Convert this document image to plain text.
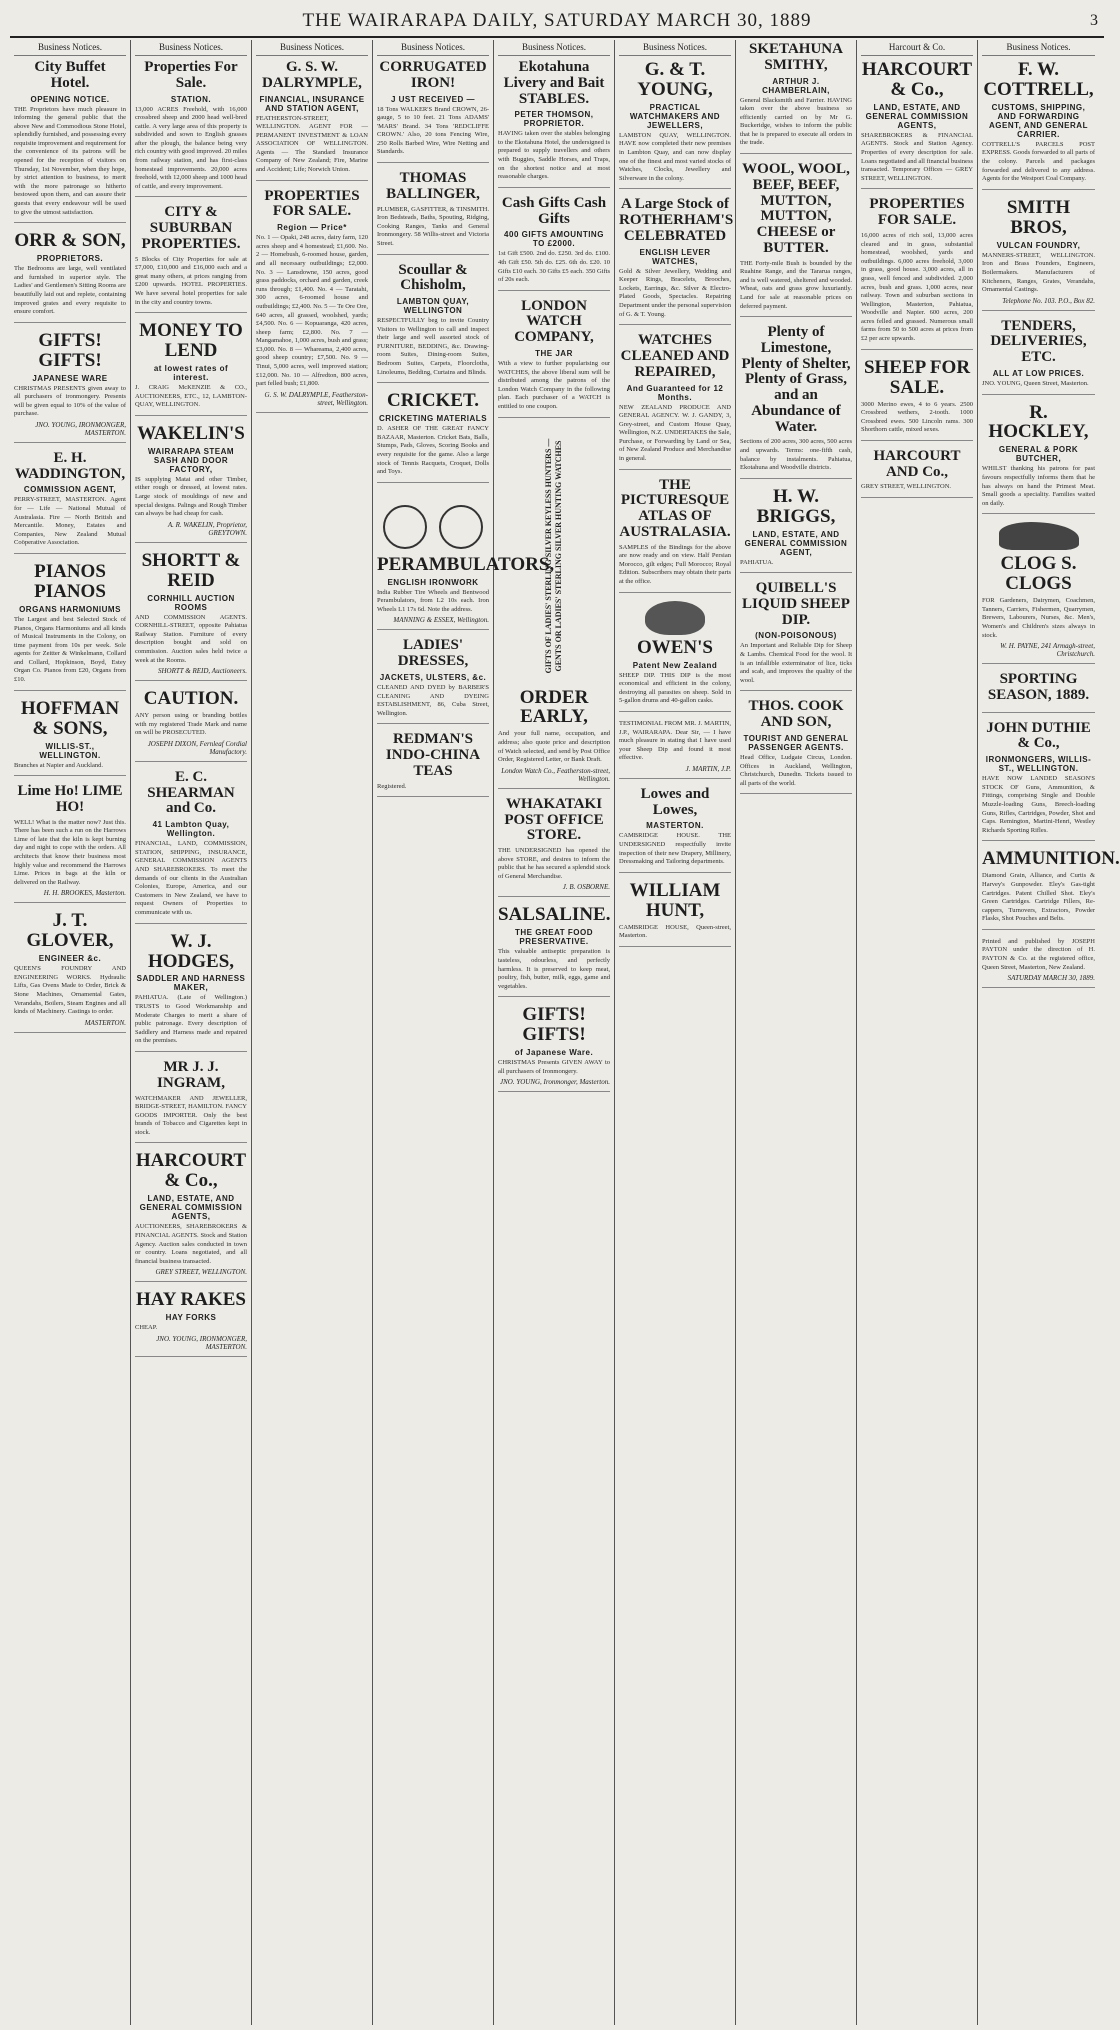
THE WAIRARAPA DAILY, SATURDAY MARCH 30, 1889	3
Business Notices.
City Buffet Hotel.
OPENING NOTICE.
THE Proprietors have much pleasure in informing the general public that the above New and Commodious Stone Hotel, splendidly furnished, and possessing every requisite improvement and requirement for the convenience of its patrons will be opened for the reception of visitors on Thursday, 1st November, when they hope, by strict attention to business, to merit with the more patronage so hitherto bestowed upon them, and can assure their guests that every endeavour will be used to give the utmost satisfaction.
ORR & SON,
PROPRIETORS.
The Bedrooms are large, well ventilated and furnished in superior style. The Ladies' and Gentlemen's Sitting Rooms are beautifully laid out and replete, containing improved grates and every requisite to ensure comfort.
GIFTS! GIFTS!
JAPANESE WARE
CHRISTMAS PRESENTS given away to all purchasers of ironmongery. Presents will be given equal to 10% of the value of purchase.
JNO. YOUNG, IRONMONGER, MASTERTON.
E. H. WADDINGTON,
COMMISSION AGENT,
PERRY-STREET, MASTERTON. Agent for — Life — National Mutual of Australasia. Fire — North British and Mercantile. Money, Estates and Companies, New Zealand Mutual Coöperative Association.
PIANOS PIANOS
ORGANS HARMONIUMS
The Largest and best Selected Stock of Pianos, Organs Harmoniums and all kinds of Musical Instruments in the Colony, on time payment from 10s per week. Sole agents for Zeitter & Winkelmann, Collard and Collard, Hopkinson, Boyd, Estey Organ Co. Pianos from £20, Organs from £10.
HOFFMAN & SONS,
WILLIS-ST., WELLINGTON.
Branches at Napier and Auckland.
Lime Ho! LIME HO!
WELL! What is the matter now? Just this. There has been such a run on the Harrows Lime of late that the kiln is kept burning day and night to cope with the orders. All architects that know their business most highly value and recommend the Harrows Lime. Prices in bags at the kiln or delivered on the Railway.
H. H. BROOKES, Masterton.
J. T. GLOVER,
ENGINEER &c.
QUEEN'S FOUNDRY AND ENGINEERING WORKS. Hydraulic Lifts, Gas Ovens Made to Order, Brick & Stone Machines, Ornamental Gates, Verandahs, Boilers, Steam Engines and all kinds of Machinery. Castings to order.
MASTERTON.
Business Notices.
Properties For Sale.
STATION.
13,000 ACRES Freehold, with 16,000 crossbred sheep and 2000 head well-bred cattle. A very large area of this property is subdivided and sown to English grasses after the plough, the balance being very rich country with good improved. 20 miles from railway station, and has first-class homestead improvements. 20,000 acres freehold, with 12,000 sheep and 1000 head of cattle, and every improvement.
CITY & SUBURBAN PROPERTIES.
5 Blocks of City Properties for sale at £7,000, £10,000 and £16,000 each and a great many others, at prices ranging from £200 upwards. HOTEL PROPERTIES. We have several hotel properties for sale in the city and country towns.
MONEY TO LEND
at lowest rates of interest.
J. CRAIG McKENZIE & CO., AUCTIONEERS, ETC., 12, LAMBTON-QUAY, WELLINGTON.
WAKELIN'S
WAIRARAPA STEAM SASH AND DOOR FACTORY,
IS supplying Matai and other Timber, either rough or dressed, at lowest rates. Large stock of mouldings of new and special designs. Palings and Rough Timber can always be had cheap for cash.
A. R. WAKELIN, Proprietor, GREYTOWN.
SHORTT & REID
CORNHILL AUCTION ROOMS
AND COMMISSION AGENTS. CORNHILL-STREET, opposite Pahiatua Railway Station. Furniture of every description bought and sold on commission. Auction sales held twice a week at the Rooms.
SHORTT & REID, Auctioneers.
CAUTION.
ANY person using or branding bottles with my registered Trade Mark and name on will be PROSECUTED.
JOSEPH DIXON, Fernleaf Cordial Manufactory.
E. C. SHEARMAN and Co.
41 Lambton Quay, Wellington.
FINANCIAL, LAND, COMMISSION, STATION, SHIPPING, INSURANCE, GENERAL COMMISSION AGENTS AND SHAREBROKERS. To meet the demands of our clients in the Australian Colonies, Europe, America, and our Customers in New Zealand, we have to request Owners of Properties to communicate with us.
W. J. HODGES,
SADDLER AND HARNESS MAKER,
PAHIATUA. (Late of Wellington.) TRUSTS to Good Workmanship and Moderate Charges to merit a share of public patronage. Every description of Saddlery and Harness made and repaired on the premises.
MR J. J. INGRAM,
WATCHMAKER AND JEWELLER, BRIDGE-STREET, HAMILTON. FANCY GOODS IMPORTER. Only the best brands of Tobacco and Cigarettes kept in stock.
HARCOURT & Co.,
LAND, ESTATE, AND GENERAL COMMISSION AGENTS,
AUCTIONEERS, SHAREBROKERS & FINANCIAL AGENTS. Stock and Station Agency. Auction sales conducted in town or country. Loans negotiated, and all financial business transacted.
GREY STREET, WELLINGTON.
HAY RAKES
HAY FORKS
CHEAP.
JNO. YOUNG, IRONMONGER, MASTERTON.
Business Notices.
G. S. W. DALRYMPLE,
FINANCIAL, INSURANCE AND STATION AGENT,
FEATHERSTON-STREET, WELLINGTON. AGENT FOR — PERMANENT INVESTMENT & LOAN ASSOCIATION OF WELLINGTON. Agents — The Standard Insurance Company of New Zealand; Fire, Marine and Accident; Life; Norwich Union.
PROPERTIES FOR SALE.
Region — Price*
No. 1 — Opaki, 248 acres, dairy farm, 120 acres sheep and 4 homestead; £1,600. No. 2 — Homebush, 6-roomed house, garden, and all necessary outbuildings; £2,000. No. 3 — Lansdowne, 150 acres, good grass paddocks, orchard and garden, creek runs through; £1,400. No. 4 — Taratahi, 300 acres, 6-roomed house and outbuildings; £2,400. No. 5 — Te Ore Ore, 640 acres, all grassed, woolshed, yards; £4,500. No. 6 — Kopuaranga, 420 acres, sheep farm; £2,800. No. 7 — Mangamahoe, 1,000 acres, bush and grass; £3,000. No. 8 — Whareama, 2,400 acres, good sheep country; £7,500. No. 9 — Tinui, 5,000 acres, well improved station; £12,000. No. 10 — Alfredton, 800 acres, part felled bush; £1,800.
G. S. W. DALRYMPLE, Featherston-street, Wellington.
Business Notices.
CORRUGATED IRON!
J UST RECEIVED —
18 Tons WALKER'S Brand CROWN, 26-gauge, 5 to 10 feet. 21 Tons ADAMS' 'MARS' Brand. 34 Tons 'REDCLIFFE CROWN.' Also, 20 tons Fencing Wire, 250 Rolls Barbed Wire, Wire Netting and Standards.
THOMAS BALLINGER,
PLUMBER, GASFITTER, & TINSMITH. Iron Bedsteads, Baths, Spouting, Ridging, Cooking Ranges, Tanks and General Ironmongery. 58 Willis-street and Victoria Street.
Scoullar & Chisholm,
LAMBTON QUAY, WELLINGTON
RESPECTFULLY beg to invite Country Visitors to Wellington to call and inspect their large and well assorted stock of FURNITURE, BEDDING, &c. Drawing-room Suites, Dining-room Suites, Bedroom Suites, Carpets, Floorcloths, Linoleums, Bedding, Curtains and Blinds.
CRICKET.
CRICKETING MATERIALS
D. ASHER OF THE GREAT FANCY BAZAAR, Masterton. Cricket Bats, Balls, Stumps, Pads, Gloves, Scoring Books and every requisite for the game. Also a large stock of Tennis Racquets, Croquet, Dolls and Toys.
PERAMBULATORS,
ENGLISH IRONWORK
India Rubber Tire Wheels and Bentwood Perambulators, from L2 10s each. Iron Wheels L1 17s 6d. Note the address.
MANNING & ESSEX, Wellington.
LADIES' DRESSES,
JACKETS, ULSTERS, &c.
CLEANED AND DYED by BARBER'S CLEANING AND DYEING ESTABLISHMENT, 86, Cuba Street, Wellington.
REDMAN'S INDO-CHINA TEAS
Registered.
Business Notices.
Ekotahuna Livery and Bait STABLES.
PETER THOMSON, PROPRIETOR.
HAVING taken over the stables belonging to the Ekotahuna Hotel, the undersigned is prepared to supply travellers and others with Buggies, Saddle Horses, and Traps, on the shortest notice and at most reasonable charges.
Cash Gifts Cash Gifts
400 GIFTS AMOUNTING TO £2000.
1st Gift £500. 2nd do. £250. 3rd do. £100. 4th Gift £50. 5th do. £25. 6th do. £20. 10 Gifts £10 each. 30 Gifts £5 each. 350 Gifts of 20s each.
LONDON WATCH COMPANY,
THE JAR
With a view to further popularising our WATCHES, the above liberal sum will be distributed among the patrons of the London Watch Company in the following plan. Each purchaser of a WATCH is entitled to one coupon.
GIFTS OF LADIES' STERLING SILVER KEYLESS HUNTERS — GENTS OR LADIES' STERLING SILVER HUNTING WATCHES
ORDER EARLY,
And your full name, occupation, and address; also quote price and description of Watch selected, and send by Post Office Order, Registered Letter, or Bank Draft.
London Watch Co., Featherston-street, Wellington.
WHAKATAKI POST OFFICE STORE.
THE UNDERSIGNED has opened the above STORE, and desires to inform the public that he has secured a splendid stock of General Merchandise.
J. B. OSBORNE.
SALSALINE.
THE GREAT FOOD PRESERVATIVE.
This valuable antiseptic preparation is tasteless, odourless, and perfectly harmless. It is preserved to keep meat, poultry, fish, butter, milk, eggs, game and vegetables.
GIFTS! GIFTS!
of Japanese Ware.
CHRISTMAS Presents GIVEN AWAY to all purchasers of Ironmongery.
JNO. YOUNG, Ironmonger, Masterton.
Business Notices.
G. & T. YOUNG,
PRACTICAL WATCHMAKERS AND JEWELLERS,
LAMBTON QUAY, WELLINGTON. HAVE now completed their new premises in Lambton Quay, and can now display one of the finest and most varied stocks of Watches, Clocks, Jewellery and Silverware in the colony.
A Large Stock of ROTHERHAM'S CELEBRATED
ENGLISH LEVER WATCHES,
Gold & Silver Jewellery, Wedding and Keeper Rings, Bracelets, Brooches, Lockets, Earrings, &c. Silver & Electro-Plated Goods, Spectacles. Repairing Department under the personal supervision of G. & T. Young.
WATCHES CLEANED AND REPAIRED,
And Guaranteed for 12 Months.
NEW ZEALAND PRODUCE AND GENERAL AGENCY. W. J. GANDY, 3, Grey-street, and Custom House Quay, Wellington, N.Z. UNDERTAKES the Sale, Purchase, or Forwarding by Land or Sea, of New Zealand Produce and Merchandise in general.
THE PICTURESQUE ATLAS OF AUSTRALASIA.
SAMPLES of the Bindings for the above are now ready and on view. Half Persian Morocco, gilt edges; Full Morocco; Royal Edition. Subscribers may obtain their parts at the office.
OWEN'S
Patent New Zealand
SHEEP DIP. THIS DIP is the most economical and efficient in the colony, destroying all parasites on sheep. Sold in 5-gallon drums and 40-gallon casks.
TESTIMONIAL FROM MR. J. MARTIN, J.P., WAIRARAPA. Dear Sir, — I have much pleasure in stating that I have used your Sheep Dip and found it most effective.
J. MARTIN, J.P.
Lowes and Lowes,
MASTERTON.
CAMBRIDGE HOUSE. THE UNDERSIGNED respectfully invite inspection of their new Drapery, Millinery, Dressmaking and Tailoring departments.
WILLIAM HUNT,
CAMBRIDGE HOUSE, Queen-street, Masterton.
SKETAHUNA SMITHY,
ARTHUR J. CHAMBERLAIN,
General Blacksmith and Farrier. HAVING taken over the above business so efficiently carried on by Mr G. Buckeridge, wishes to inform the public that he is prepared to execute all orders in the trade.
WOOL, WOOL, BEEF, BEEF, MUTTON, MUTTON, CHEESE or BUTTER.
THE Forty-mile Bush is bounded by the Ruahine Range, and the Tararua ranges, and is well watered, sheltered and wooded. Wheat, oats and grass grow luxuriantly. Land for sale at reasonable prices on deferred payment.
Plenty of Limestone, Plenty of Shelter, Plenty of Grass, and an Abundance of Water.
Sections of 200 acres, 300 acres, 500 acres and upwards. Terms: one-fifth cash, balance by instalments. Pahiatua, Ekotahuna and Woodville districts.
H. W. BRIGGS,
LAND, ESTATE, AND GENERAL COMMISSION AGENT,
PAHIATUA.
QUIBELL'S LIQUID SHEEP DIP.
(NON-POISONOUS)
An Important and Reliable Dip for Sheep & Lambs. Chemical Food for the wool. It is an infallible exterminator of lice, ticks and scab, and improves the quality of the wool.
THOS. COOK AND SON,
TOURIST AND GENERAL PASSENGER AGENTS.
Head Office, Ludgate Circus, London. Offices in Auckland, Wellington, Christchurch, Dunedin. Tickets issued to all parts of the world.
Harcourt & Co.
HARCOURT & Co.,
LAND, ESTATE, AND GENERAL COMMISSION AGENTS,
SHAREBROKERS & FINANCIAL AGENTS. Stock and Station Agency. Properties of every description for sale. Loans negotiated and all financial business transacted. Temporary Offices — GREY STREET, WELLINGTON.
PROPERTIES FOR SALE.
16,000 acres of rich soil, 13,000 acres cleared and in grass, substantial homestead, woolshed, yards and outbuildings. 6,000 acres freehold, 3,000 in grass, good house. 3,000 acres, all in grass, well fenced and subdivided. 2,000 acres, bush and grass. 1,000 acres, near railway. Town and suburban sections in Wellington, Masterton, Pahiatua, Woodville and Napier. 600 acres, 200 acres felled and grassed. Numerous small farms from 50 to 500 acres at prices from £2 per acre upwards.
SHEEP FOR SALE.
3000 Merino ewes, 4 to 6 years. 2500 Crossbred wethers, 2-tooth. 1000 Crossbred ewes. 500 Lincoln rams. 300 Shorthorn cattle, mixed sexes.
HARCOURT AND Co.,
GREY STREET, WELLINGTON.
Business Notices.
F. W. COTTRELL,
CUSTOMS, SHIPPING, AND FORWARDING AGENT, AND GENERAL CARRIER.
COTTRELL'S PARCELS POST EXPRESS. Goods forwarded to all parts of the colony. Parcels and packages forwarded and delivered to any address. Agents for the Westport Coal Company.
SMITH BROS,
VULCAN FOUNDRY,
MANNERS-STREET, WELLINGTON. Iron and Brass Founders, Engineers, Boilermakers. Manufacturers of Kitcheners, Ranges, Grates, Verandahs, Ornamental Castings.
Telephone No. 103. P.O., Box 82.
TENDERS, DELIVERIES, ETC.
ALL AT LOW PRICES.
JNO. YOUNG, Queen Street, Masterton.
R. HOCKLEY,
GENERAL & PORK BUTCHER,
WHILST thanking his patrons for past favours respectfully informs them that he has always on hand the Primest Meat. Small goods a speciality. Families waited on daily.
CLOG S. CLOGS
FOR Gardeners, Dairymen, Coachmen, Tanners, Carriers, Fishermen, Quarrymen, Brewers, Labourers, Nurses, &c. Men's, Women's and Children's sizes always in stock.
W. H. PAYNE, 241 Armagh-street, Christchurch.
SPORTING SEASON, 1889.
JOHN DUTHIE & Co.,
IRONMONGERS, WILLIS-ST., WELLINGTON.
HAVE NOW LANDED SEASON'S STOCK OF Guns, Ammunition, & Fittings, comprising Single and Double Muzzle-loading Guns, Breech-loading Guns, Rifles, Cartridges, Powder, Shot and Caps. Remington, Martini-Henri, Westley Richards Sporting Rifles.
AMMUNITION.
Diamond Grain, Alliance, and Curtis & Harvey's Gunpowder. Eley's Gas-tight Cartridges. Patent Chilled Shot. Eley's Green Cartridges. Cartridge Fillers, Re-cappers, Turnovers, Extractors, Powder Flasks, Shot Pouches and Belts.
Printed and published by JOSEPH PAYTON under the direction of H. PAYTON & Co. at the registered office, Queen Street, Masterton, New Zealand.
SATURDAY MARCH 30, 1889.
